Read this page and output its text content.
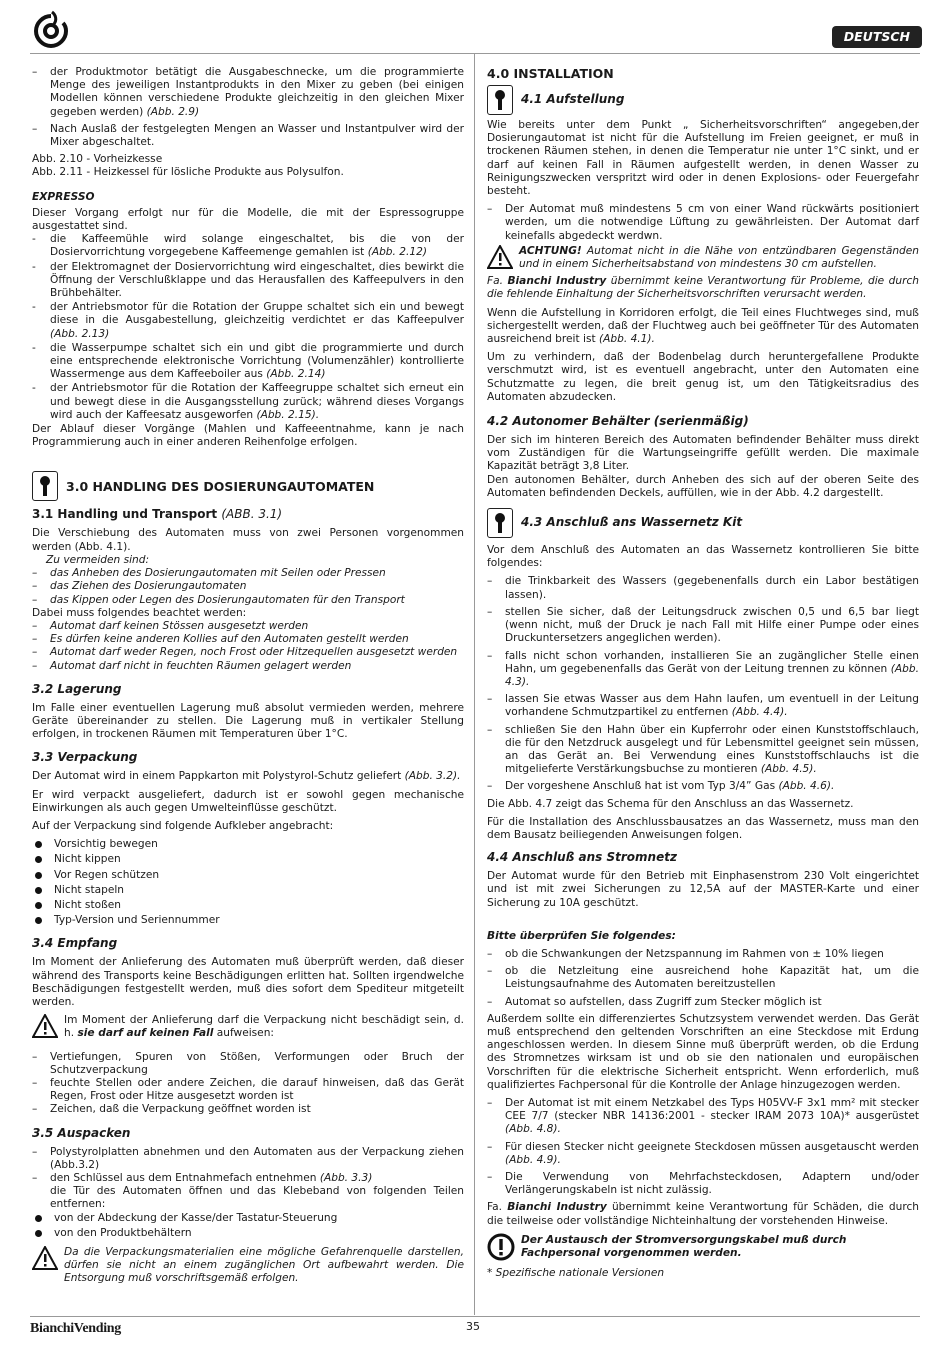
DEUTSCH
–	der Produktmotor betätigt die Ausgabeschnecke, um die programmierte Menge des jeweiligen Instantprodukts in den Mixer zu geben (bei einigen Modellen können verschiedene Produkte gleichzeitig in den gleichen Mixer gegeben werden) (Abb. 2.9)
–	Nach Auslaß der festgelegten Mengen an Wasser und Instantpulver wird der Mixer abgeschaltet.

Abb. 2.10 - Vorheizkesse

Abb. 2.11 - Heizkessel für lösliche Produkte aus Polysulfon.

EXPRESSO

Dieser Vorgang erfolgt nur für die Modelle, die mit der Espressogruppe ausgestattet sind.

-	die Kaffeemühle wird solange eingeschaltet, bis die von der Dosiervorrichtung vorgegebene Kaffeemenge gemahlen ist (Abb. 2.12)
-	der Elektromagnet der Dosiervorrichtung wird eingeschaltet, dies bewirkt die Öffnung der Verschlußklappe und das Herausfallen des Kaffeepulvers in den Brühbehälter.
-	der Antriebsmotor für die Rotation der Gruppe schaltet sich ein und bewegt diese in die Ausgabestellung, gleichzeitig verdichtet er das Kaffeepulver (Abb. 2.13)
-	die Wasserpumpe schaltet sich ein und gibt die programmierte und durch eine entsprechende elektronische Vorrichtung (Volumenzähler) kontrollierte Wassermenge aus dem Kaffeeboiler aus (Abb. 2.14)
-	der Antriebsmotor für die Rotation der Kaffeegruppe schaltet sich erneut ein und bewegt diese in die Ausgangsstellung zurück; während dieses Vorgangs wird auch der Kaffeesatz ausgeworfen (Abb. 2.15).

Der Ablauf dieser Vorgänge (Mahlen und Kaffeeentnahme, kann je nach Programmierung auch in einer anderen Reihenfolge erfolgen.

3.0 HANDLING DES DOSIERUNGAUTOMATEN

3.1 Handling und Transport (ABB. 3.1)

Die Verschiebung des Automaten muss von zwei Personen vorgenommen werden (Abb. 4.1).

Zu vermeiden sind:

–	das Anheben des Dosierungautomaten mit Seilen oder Pressen
–	das Ziehen des Dosierungautomaten
–	das Kippen oder Legen des Dosierungautomaten für den Transport

Dabei muss folgendes beachtet werden:

–	Automat darf keinen Stössen ausgesetzt werden
–	Es dürfen keine anderen Kollies auf den Automaten gestellt werden
–	Automat darf weder Regen, noch Frost oder Hitzequellen ausgesetzt werden
–	Automat darf nicht in feuchten Räumen gelagert werden

3.2 Lagerung

Im Falle einer eventuellen Lagerung muß absolut vermieden werden, mehrere Geräte übereinander zu stellen. Die Lagerung muß in vertikaler Stellung erfolgen, in trockenen Räumen mit Temperaturen über 1°C.

3.3 Verpackung

Der Automat wird in einem Pappkarton mit Polystyrol-Schutz geliefert (Abb. 3.2).

Er wird verpackt ausgeliefert, dadurch ist er sowohl gegen mechanische Einwirkungen als auch gegen Umwelteinflüsse geschützt.

Auf der Verpackung sind folgende Aufkleber angebracht:

Vorsichtig bewegen
Nicht kippen
Vor Regen schützen
Nicht stapeln
Nicht stoßen
Typ-Version und Seriennummer

3.4 Empfang

Im Moment der Anlieferung des Automaten muß überprüft werden, daß dieser während des Transports keine Beschädigungen erlitten hat. Sollten irgendwelche Beschädigungen festgestellt werden, muß dies sofort dem Spediteur mitgeteilt werden.

Im Moment der Anlieferung darf die Verpackung nicht beschädigt sein, d. h. sie darf auf keinen Fall aufweisen:
–	Vertiefungen, Spuren von Stößen, Verformungen oder Bruch der Schutzverpackung
–	feuchte Stellen oder andere Zeichen, die darauf hinweisen, daß das Gerät Regen, Frost oder Hitze ausgesetzt worden ist
–	Zeichen, daß die Verpackung geöffnet worden ist

3.5 Auspacken

–	Polystyrolplatten abnehmen und den Automaten aus der Verpackung ziehen (Abb.3.2)
–	den Schlüssel aus dem Entnahmefach entnehmen (Abb. 3.3)

die Tür des Automaten öffnen und das Klebeband von folgenden Teilen entfernen:

von der Abdeckung der Kasse/der Tastatur-Steuerung
von den Produktbehältern
Da die Verpackungsmaterialien eine mögliche Gefahrenquelle darstellen, dürfen sie nicht an einem zugänglichen Ort aufbewahrt werden. Die Entsorgung muß vorschriftsgemäß erfolgen.

4.0 INSTALLATION

4.1 Aufstellung

Wie bereits unter dem Punkt „ Sicherheitsvorschriften“ angegeben,der Dosierungautomat ist nicht für die Aufstellung im Freien geeignet, er muß in trockenen Räumen stehen, in denen die Temperatur nie unter 1°C sinkt, und er darf auf keinen Fall in Räumen aufgestellt werden, in denen Wasser zu Reinigungszwecken verspritzt wird oder in denen Explosions- oder Feuergefahr besteht.

–	Der Automat muß mindestens 5 cm von einer Wand rückwärts positioniert werden, um die notwendige Lüftung zu gewährleisten. Der Automat darf keinefalls abgedeckt werdwn.
ACHTUNG! Automat nicht in die Nähe von entzündbaren Gegenständen und in einem Sicherheitsabstand von mindestens 30 cm aufstellen.

Fa. Bianchi Industry übernimmt keine Verantwortung für Probleme, die durch die fehlende Einhaltung der Sicherheitsvorschriften verursacht werden.

Wenn die Aufstellung in Korridoren erfolgt, die Teil eines Fluchtweges sind, muß sichergestellt werden, daß der Fluchtweg auch bei geöffneter Tür des Automaten ausreichend breit ist (Abb. 4.1).

Um zu verhindern, daß der Bodenbelag durch heruntergefallene Produkte verschmutzt wird, ist es eventuell angebracht, unter den Automaten eine Schutzmatte zu legen, die breit genug ist, um den Tätigkeitsradius des Automaten abzudecken.

4.2 Autonomer Behälter (serienmäßig)

Der sich im hinteren Bereich des Automaten befindender Behälter muss direkt vom Zuständigen für die Wartungseingriffe gefüllt werden. Die maximale Kapazität beträgt 3,8 Liter.

Den autonomen Behälter, durch Anheben des sich auf der oberen Seite des Automaten befindenden Deckels, auffüllen, wie in der Abb. 4.2 dargestellt.

4.3 Anschluß ans Wassernetz Kit

Vor dem Anschluß des Automaten an das Wassernetz kontrollieren Sie bitte folgendes:

–	die Trinkbarkeit des Wassers (gegebenenfalls durch ein Labor bestätigen lassen).
–	stellen Sie sicher, daß der Leitungsdruck zwischen 0,5 und 6,5 bar liegt (wenn nicht, muß der Druck je nach Fall mit Hilfe einer Pumpe oder eines Druckuntersetzers angeglichen werden).
–	falls nicht schon vorhanden, installieren Sie an zugänglicher Stelle einen Hahn, um gegebenenfalls das Gerät von der Leitung trennen zu können (Abb. 4.3).
–	lassen Sie etwas Wasser aus dem Hahn laufen, um eventuell in der Leitung vorhandene Schmutzpartikel zu entfernen (Abb. 4.4).
–	schließen Sie den Hahn über ein Kupferrohr oder einen Kunststoffschlauch, die für den Netzdruck ausgelegt und für Lebensmittel geeignet sein müssen, an das Gerät an. Bei Verwendung eines Kunststoffschlauchs ist die mitgelieferte Verstärkungsbuchse zu montieren (Abb. 4.5).
–	Der vorgeshene Anschluß hat ist vom Typ 3/4” Gas (Abb. 4.6).

Die Abb. 4.7 zeigt das Schema für den Anschluss an das Wassernetz.

Für die Installation des Anschlussbausatzes an das Wassernetz, muss man den dem Bausatz beiliegenden Anweisungen folgen.

4.4 Anschluß ans Stromnetz

Der Automat wurde für den Betrieb mit Einphasenstrom 230 Volt eingerichtet und ist mit zwei Sicherungen zu 12,5A auf der MASTER-Karte und einer Sicherung zu 10A geschützt.

Bitte überprüfen Sie folgendes:

–	ob die Schwankungen der Netzspannung im Rahmen von ± 10% liegen
–	ob die Netzleitung eine ausreichend hohe Kapazität hat, um die Leistungsaufnahme des Automaten bereitzustellen
–	Automat so aufstellen, dass Zugriff zum Stecker möglich ist

Außerdem sollte ein differenziertes Schutzsystem verwendet werden. Das Gerät muß entsprechend den geltenden Vorschriften an eine Steckdose mit Erdung angeschlossen werden. In diesem Sinne muß überprüft werden, ob die Erdung des Stromnetzes wirksam ist und ob sie den nationalen und europäischen Vorschriften für die elektrische Sicherheit entspricht. Wenn erforderlich, muß qualifiziertes Fachpersonal für die Kontrolle der Anlage hinzugezogen werden.

–	Der Automat ist mit einem Netzkabel des Typs H05VV-F 3x1 mm² mit stecker CEE 7/7 (stecker NBR 14136:2001 - stecker IRAM 2073 10A)* ausgerüstet (Abb. 4.8).
–	Für diesen Stecker nicht geeignete Steckdosen müssen ausgetauscht werden (Abb. 4.9).
–	Die Verwendung von Mehrfachsteckdosen, Adaptern und/oder Verlängerungskabeln ist nicht zulässig.

Fa. Bianchi Industry übernimmt keine Verantwortung für Schäden, die durch die teilweise oder vollständige Nichteinhaltung der vorstehenden Hinweise.

Der Austausch der Stromversorgungskabel muß durch Fachpersonal vorgenommen werden.

* Spezifische nationale Versionen

BianchiVending	35
